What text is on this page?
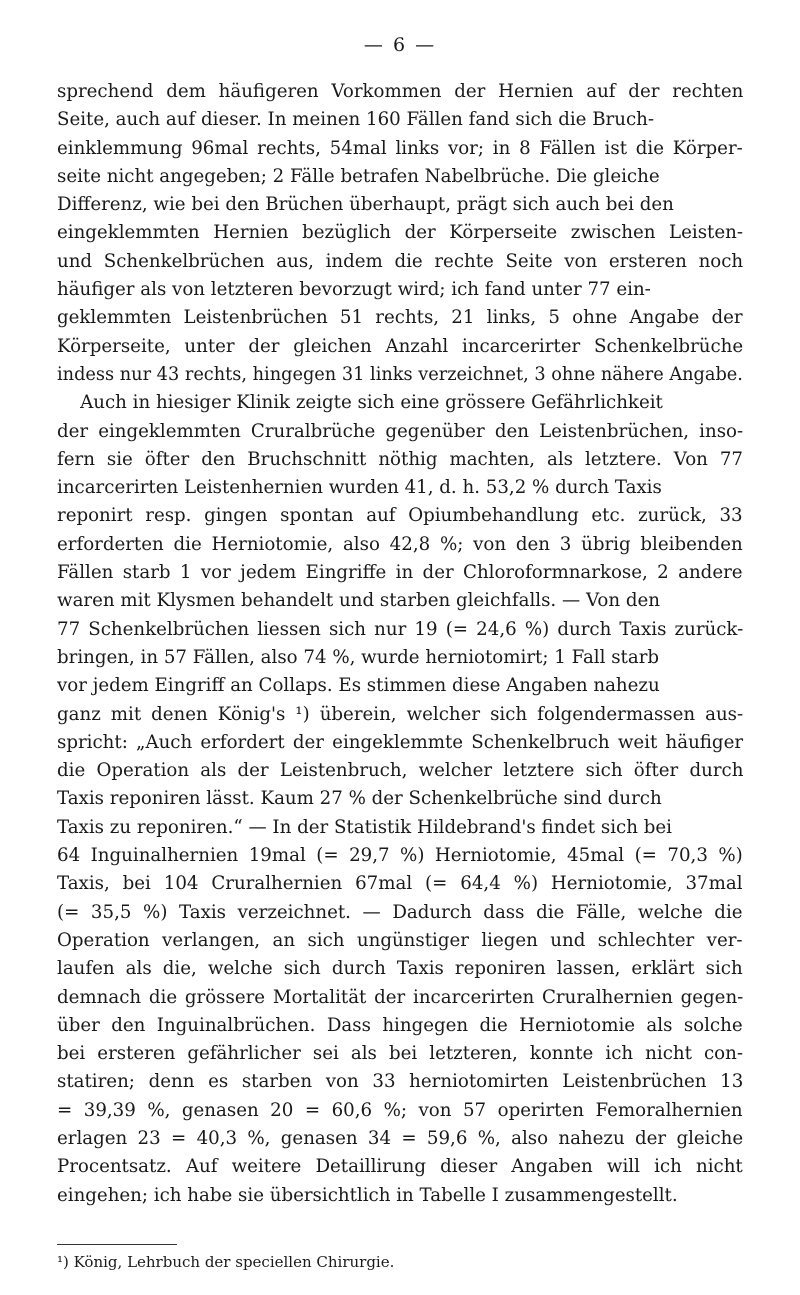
— 6 —
sprechend dem häufigeren Vorkommen der Hernien auf der rechten
Seite, auch auf dieser. In meinen 160 Fällen fand sich die Bruch-
einklemmung 96mal rechts, 54mal links vor; in 8 Fällen ist die Körper-
seite nicht angegeben; 2 Fälle betrafen Nabelbrüche. Die gleiche
Differenz, wie bei den Brüchen überhaupt, prägt sich auch bei den
eingeklemmten Hernien bezüglich der Körperseite zwischen Leisten-
und Schenkelbrüchen aus, indem die rechte Seite von ersteren noch
häufiger als von letzteren bevorzugt wird; ich fand unter 77 ein-
geklemmten Leistenbrüchen 51 rechts, 21 links, 5 ohne Angabe der
Körperseite, unter der gleichen Anzahl incarcerirter Schenkelbrüche
indess nur 43 rechts, hingegen 31 links verzeichnet, 3 ohne nähere Angabe.
Auch in hiesiger Klinik zeigte sich eine grössere Gefährlichkeit
der eingeklemmten Cruralbrüche gegenüber den Leistenbrüchen, inso-
fern sie öfter den Bruchschnitt nöthig machten, als letztere. Von 77
incarcerirten Leistenhernien wurden 41, d. h. 53,2 % durch Taxis
reponirt resp. gingen spontan auf Opiumbehandlung etc. zurück, 33
erforderten die Herniotomie, also 42,8 %; von den 3 übrig bleibenden
Fällen starb 1 vor jedem Eingriffe in der Chloroformnarkose, 2 andere
waren mit Klysmen behandelt und starben gleichfalls. — Von den
77 Schenkelbrüchen liessen sich nur 19 (= 24,6 %) durch Taxis zurück-
bringen, in 57 Fällen, also 74 %, wurde herniotomirt; 1 Fall starb
vor jedem Eingriff an Collaps. Es stimmen diese Angaben nahezu
ganz mit denen König's ¹) überein, welcher sich folgendermassen aus-
spricht: „Auch erfordert der eingeklemmte Schenkelbruch weit häufiger
die Operation als der Leistenbruch, welcher letztere sich öfter durch
Taxis reponiren lässt. Kaum 27 % der Schenkelbrüche sind durch
Taxis zu reponiren.“ — In der Statistik Hildebrand's findet sich bei
64 Inguinalhernien 19mal (= 29,7 %) Herniotomie, 45mal (= 70,3 %)
Taxis, bei 104 Cruralhernien 67mal (= 64,4 %) Herniotomie, 37mal
(= 35,5 %) Taxis verzeichnet. — Dadurch dass die Fälle, welche die
Operation verlangen, an sich ungünstiger liegen und schlechter ver-
laufen als die, welche sich durch Taxis reponiren lassen, erklärt sich
demnach die grössere Mortalität der incarcerirten Cruralhernien gegen-
über den Inguinalbrüchen. Dass hingegen die Herniotomie als solche
bei ersteren gefährlicher sei als bei letzteren, konnte ich nicht con-
statiren; denn es starben von 33 herniotomirten Leistenbrüchen 13
= 39,39 %, genasen 20 = 60,6 %; von 57 operirten Femoralhernien
erlagen 23 = 40,3 %, genasen 34 = 59,6 %, also nahezu der gleiche
Procentsatz. Auf weitere Detaillirung dieser Angaben will ich nicht
eingehen; ich habe sie übersichtlich in Tabelle I zusammengestellt.
¹) König, Lehrbuch der speciellen Chirurgie.
